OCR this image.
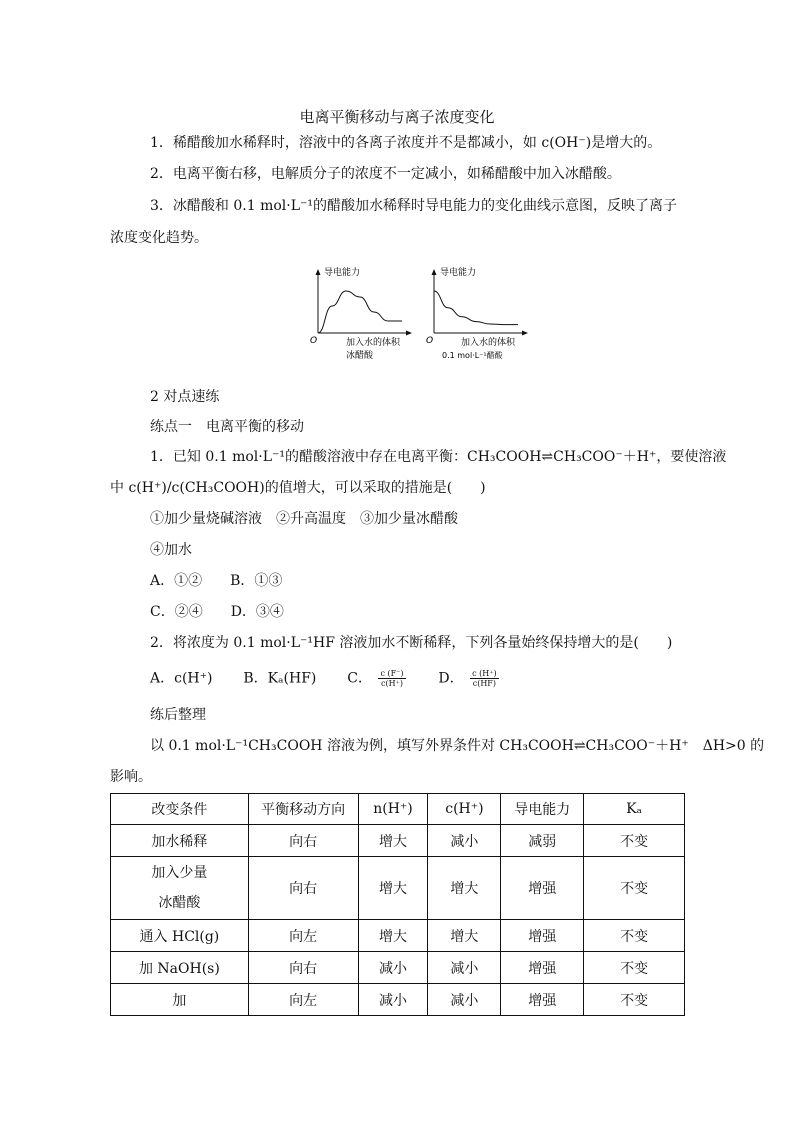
电离平衡移动与离子浓度变化
1．稀醋酸加水稀释时，溶液中的各离子浓度并不是都减小，如 c(OH⁻)是增大的。
2．电离平衡右移，电解质分子的浓度不一定减小，如稀醋酸中加入冰醋酸。
3．冰醋酸和 0.1 mol·L⁻¹的醋酸加水稀释时导电能力的变化曲线示意图，反映了离子
浓度变化趋势。
导电能力
O	加入水的体积
冰醋酸
导电能力
O	加入水的体积
0.1 mol·L⁻¹醋酸
2 对点速练
练点一　电离平衡的移动
1．已知 0.1 mol·L⁻¹的醋酸溶液中存在电离平衡：CH₃COOH⇌CH₃COO⁻＋H⁺，要使溶液
中 c(H⁺)/c(CH₃COOH)的值增大，可以采取的措施是(　　)
①加少量烧碱溶液　②升高温度　③加少量冰醋酸
④加水
A．①②　　B．①③
C．②④　　D．③④
2．将浓度为 0.1 mol·L⁻¹HF 溶液加水不断稀释，下列各量始终保持增大的是(　　)
A．c(H⁺) B．Kₐ(HF) C． $\frac{c (F^-)}{c(H^+)}$ D． $\frac{c (H^+)}{c(HF)}$
练后整理
以 0.1 mol·L⁻¹CH₃COOH 溶液为例，填写外界条件对 CH₃COOH⇌CH₃COO⁻＋H⁺　ΔH>0 的
影响。
改变条件	平衡移动方向	n(H⁺)	c(H⁺)	导电能力	Kₐ
加水稀释	向右	增大	减小	减弱	不变
加入少量
冰醋酸	向右	增大	增大	增强	不变
通入 HCl(g)	向左	增大	增大	增强	不变
加 NaOH(s)	向右	减小	减小	增强	不变
加	向左	减小	减小	增强	不变
